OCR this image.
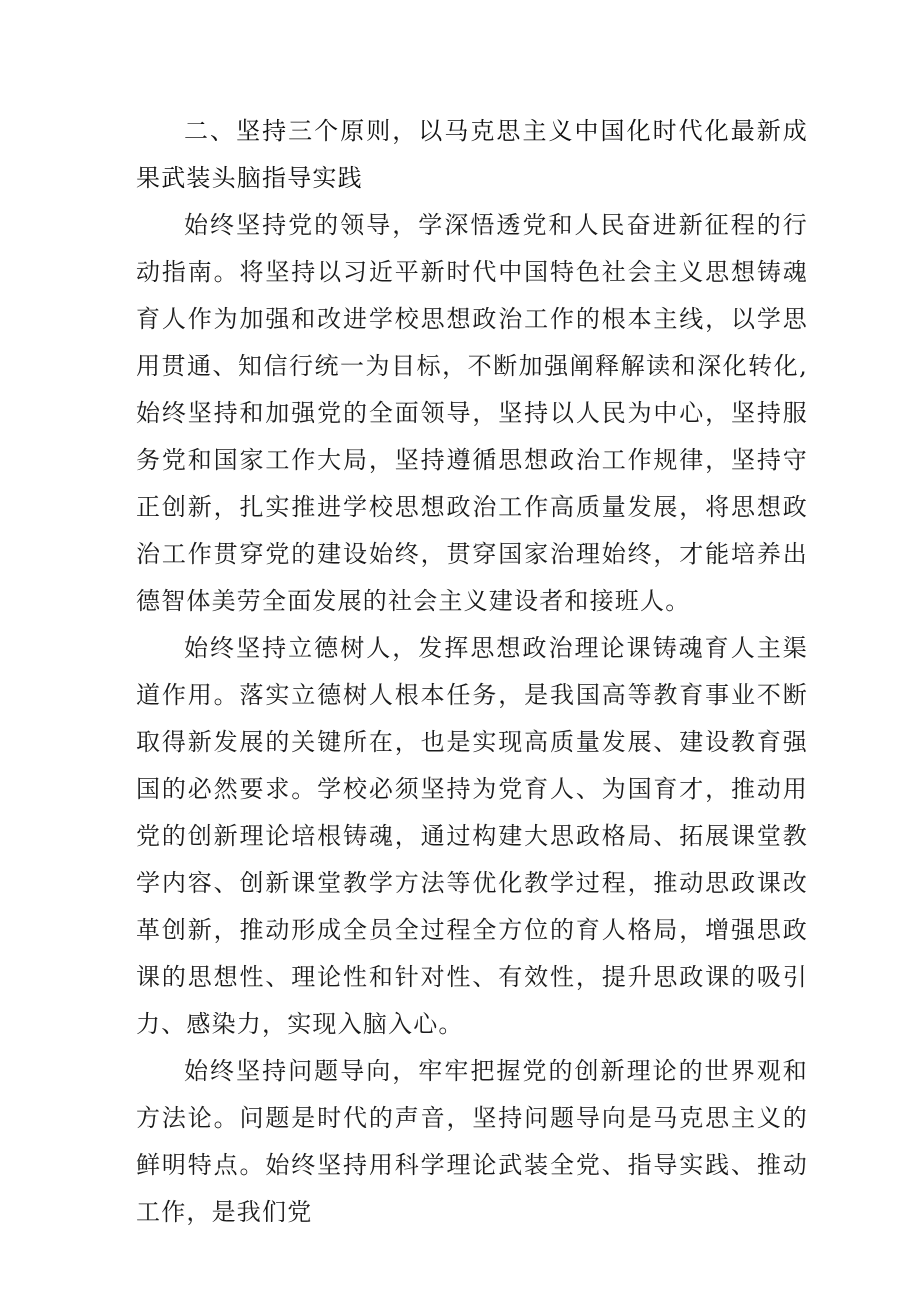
二、坚持三个原则，以马克思主义中国化时代化最新成果武装头脑指导实践

始终坚持党的领导，学深悟透党和人民奋进新征程的行动指南。将坚持以习近平新时代中国特色社会主义思想铸魂育人作为加强和改进学校思想政治工作的根本主线，以学思用贯通、知信行统一为目标，不断加强阐释解读和深化转化,始终坚持和加强党的全面领导，坚持以人民为中心，坚持服务党和国家工作大局，坚持遵循思想政治工作规律，坚持守正创新，扎实推进学校思想政治工作高质量发展，将思想政治工作贯穿党的建设始终，贯穿国家治理始终，才能培养出德智体美劳全面发展的社会主义建设者和接班人。

始终坚持立德树人，发挥思想政治理论课铸魂育人主渠道作用。落实立德树人根本任务，是我国高等教育事业不断取得新发展的关键所在，也是实现高质量发展、建设教育强国的必然要求。学校必须坚持为党育人、为国育才，推动用党的创新理论培根铸魂，通过构建大思政格局、拓展课堂教学内容、创新课堂教学方法等优化教学过程，推动思政课改革创新，推动形成全员全过程全方位的育人格局，增强思政课的思想性、理论性和针对性、有效性，提升思政课的吸引力、感染力，实现入脑入心。

始终坚持问题导向，牢牢把握党的创新理论的世界观和方法论。问题是时代的声音，坚持问题导向是马克思主义的鲜明特点。始终坚持用科学理论武装全党、指导实践、推动工作，是我们党
